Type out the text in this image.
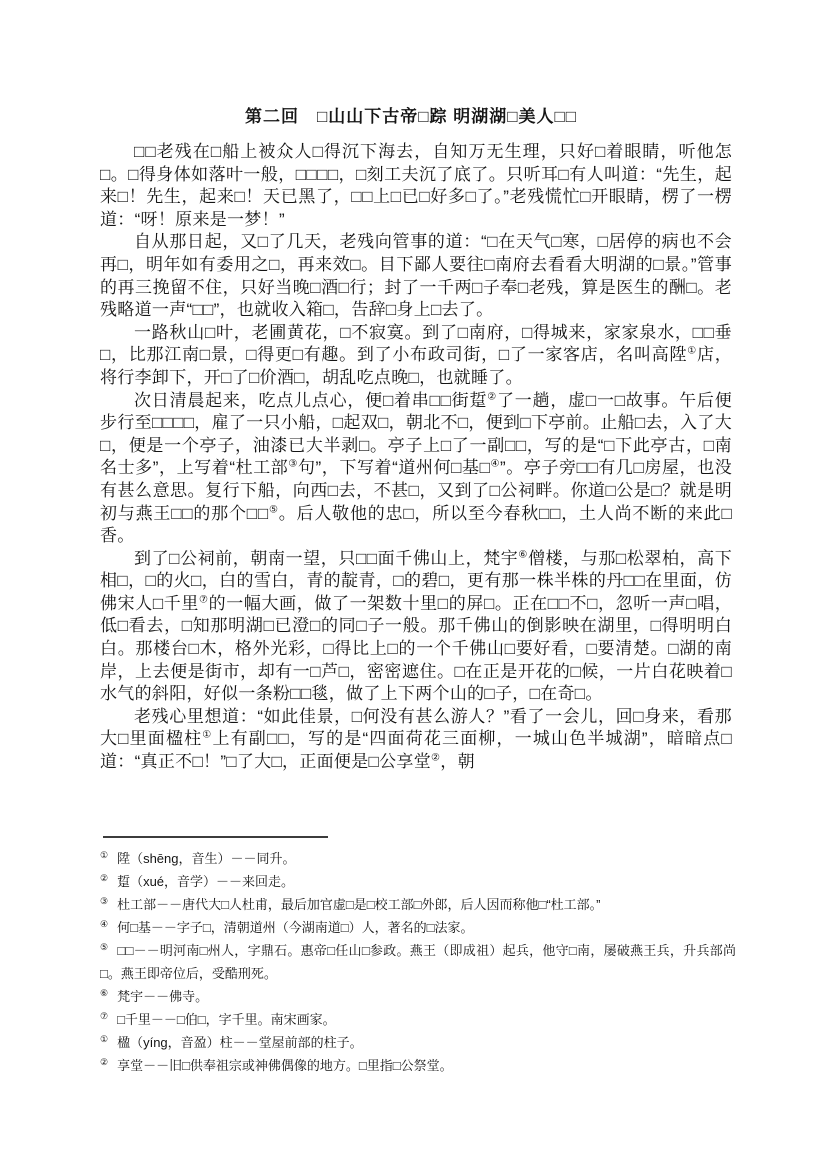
第二回　□山山下古帝□踪 明湖湖□美人□□

□□老残在□船上被众人□得沉下海去，自知万无生理，只好□着眼睛，听他怎□。□得身体如落叶一般，□□□□，□刻工夫沉了底了。只听耳□有人叫道：“先生，起来□！先生，起来□！天已黑了，□□上□已□好多□了。”老残慌忙□开眼睛，楞了一楞道：“呀！原来是一梦！”

自从那日起，又□了几天，老残向管事的道：“□在天气□寒，□居停的病也不会再□，明年如有委用之□，再来效□。目下鄙人要往□南府去看看大明湖的□景。”管事的再三挽留不住，只好当晚□酒□行；封了一千两□子奉□老残，算是医生的酬□。老残略道一声“□□”，也就收入箱□，告辞□身上□去了。

一路秋山□叶，老圃黄花，□不寂寞。到了□南府，□得城来，家家泉水，□□垂□，比那江南□景，□得更□有趣。到了小布政司街，□了一家客店，名叫高陞①店，将行李卸下，开□了□价酒□，胡乱吃点晚□，也就睡了。

次日清晨起来，吃点儿点心，便□着串□□街踅②了一趟，虚□一□故事。午后便步行至□□□□，雇了一只小船，□起双□，朝北不□，便到□下亭前。止船□去，入了大□，便是一个亭子，油漆已大半剥□。亭子上□了一副□□，写的是“□下此亭古，□南名士多”，上写着“杜工部③句”，下写着“道州何□基□④”。亭子旁□□有几□房屋，也没有甚么意思。复行下船，向西□去，不甚□，又到了□公祠畔。你道□公是□？就是明初与燕王□□的那个□□⑤。后人敬他的忠□，所以至今春秋□□，土人尚不断的来此□香。

到了□公祠前，朝南一望，只□□面千佛山上，梵宇⑥僧楼，与那□松翠柏，高下相□，□的火□，白的雪白，青的靛青，□的碧□，更有那一株半株的丹□□在里面，仿佛宋人□千里⑦的一幅大画，做了一架数十里□的屏□。正在□□不□，忽听一声□唱，低□看去，□知那明湖□已澄□的同□子一般。那千佛山的倒影映在湖里，□得明明白白。那楼台□木，格外光彩，□得比上□的一个千佛山□要好看，□要清楚。□湖的南岸，上去便是街市，却有一□芦□，密密遮住。□在正是开花的□候，一片白花映着□水气的斜阳，好似一条粉□□毯，做了上下两个山的□子，□在奇□。

老残心里想道：“如此佳景，□何没有甚么游人？”看了一会儿，回□身来，看那大□里面楹柱①上有副□□，写的是“四面荷花三面柳，一城山色半城湖”，暗暗点□道：“真正不□！”□了大□，正面便是□公享堂②，朝

① 陞（shēng，音生）－－同升。

② 踅（xué，音学）－－来回走。

③ 杜工部－－唐代大□人杜甫，最后加官虚□是□校工部□外郎，后人因而称他□“杜工部。”

④ 何□基－－字子□，清朝道州（今湖南道□）人，著名的□法家。

⑤ □□－－明河南□州人，字鼎石。惠帝□任山□参政。燕王（即成祖）起兵，他守□南，屡破燕王兵，升兵部尚□。燕王即帝位后，受酷刑死。

⑥ 梵宇－－佛寺。

⑦ □千里－－□伯□，字千里。南宋画家。

① 楹（yíng，音盈）柱－－堂屋前部的柱子。

② 享堂－－旧□供奉祖宗或神佛偶像的地方。□里指□公祭堂。
